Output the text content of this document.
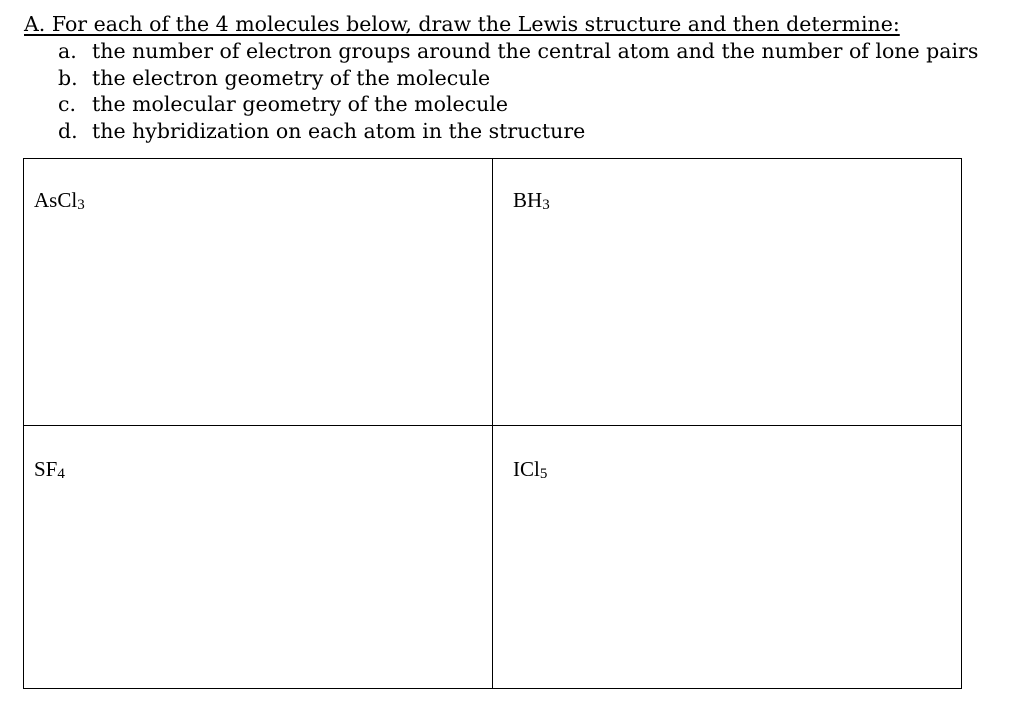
A. For each of the 4 molecules below, draw the Lewis structure and then determine:
a. the number of electron groups around the central atom and the number of lone pairs
b. the electron geometry of the molecule
c. the molecular geometry of the molecule
d. the hybridization on each atom in the structure
AsCl3	BH3
SF4	ICl5
